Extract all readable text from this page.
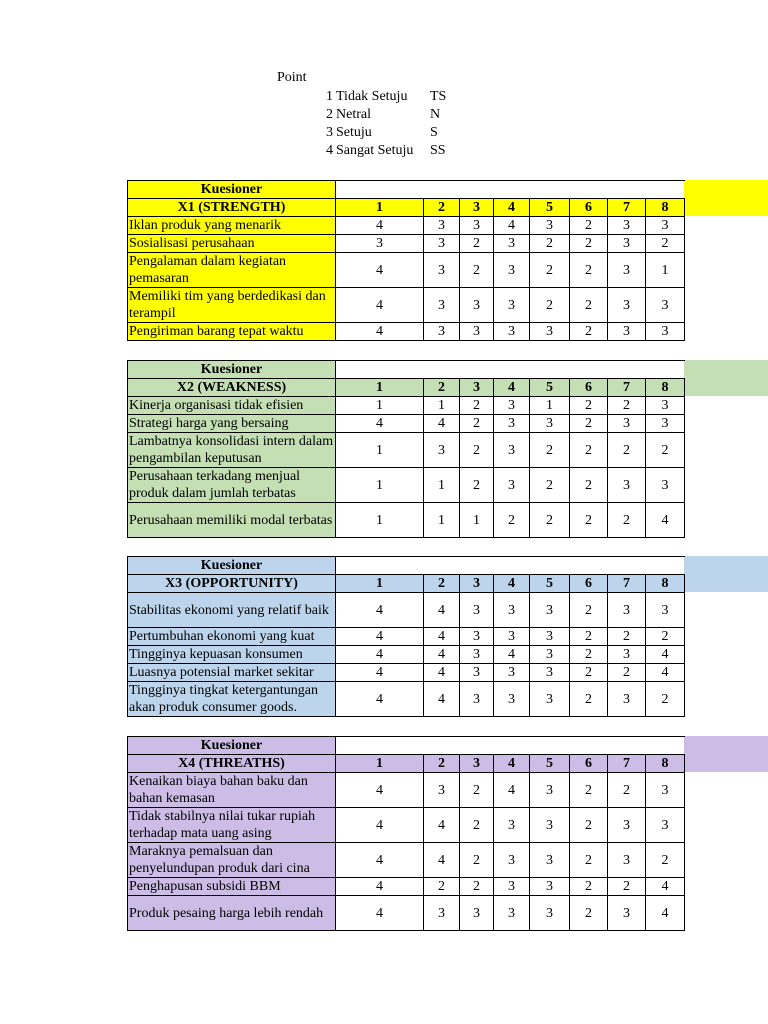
Point
1 Tidak Setuju TS
2 Netral	N
3 Setuju	S
4 Sangat Setuju SS
Kuesioner								
X1 (STRENGTH)	1	2	3	4	5	6	7	8
Iklan produk yang menarik	4	3	3	4	3	2	3	3
Sosialisasi perusahaan	3	3	2	3	2	2	3	2
Pengalaman dalam kegiatan pemasaran	4	3	2	3	2	2	3	1
Memiliki tim yang berdedikasi dan terampil	4	3	3	3	2	2	3	3
Pengiriman barang tepat waktu	4	3	3	3	3	2	3	3
Kuesioner								
X2 (WEAKNESS)	1	2	3	4	5	6	7	8
Kinerja organisasi tidak efisien	1	1	2	3	1	2	2	3
Strategi harga yang bersaing	4	4	2	3	3	2	3	3
Lambatnya konsolidasi intern dalam pengambilan keputusan	1	3	2	3	2	2	2	2
Perusahaan terkadang menjual produk dalam jumlah terbatas	1	1	2	3	2	2	3	3
Perusahaan memiliki modal terbatas	1	1	1	2	2	2	2	4
Kuesioner								
X3 (OPPORTUNITY)	1	2	3	4	5	6	7	8
Stabilitas ekonomi yang relatif baik	4	4	3	3	3	2	3	3
Pertumbuhan ekonomi yang kuat	4	4	3	3	3	2	2	2
Tingginya kepuasan konsumen	4	4	3	4	3	2	3	4
Luasnya potensial market sekitar	4	4	3	3	3	2	2	4
Tingginya tingkat ketergantungan akan produk consumer goods.	4	4	3	3	3	2	3	2
Kuesioner								
X4 (THREATHS)	1	2	3	4	5	6	7	8
Kenaikan biaya bahan baku dan bahan kemasan	4	3	2	4	3	2	2	3
Tidak stabilnya nilai tukar rupiah terhadap mata uang asing	4	4	2	3	3	2	3	3
Maraknya pemalsuan dan penyelundupan produk dari cina	4	4	2	3	3	2	3	2
Penghapusan subsidi BBM	4	2	2	3	3	2	2	4
Produk pesaing harga lebih rendah	4	3	3	3	3	2	3	4
